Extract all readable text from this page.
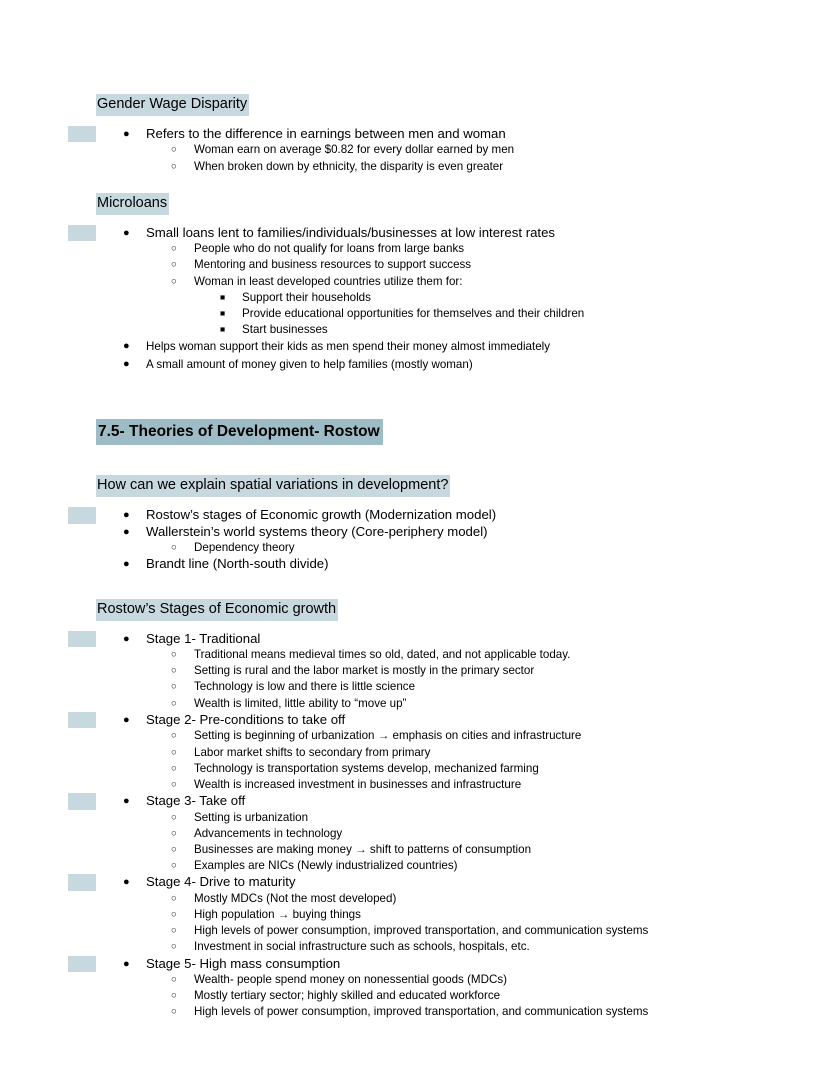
Gender Wage Disparity
● Refers to the difference in earnings between men and woman
○ Woman earn on average $0.82 for every dollar earned by men
○ When broken down by ethnicity, the disparity is even greater
Microloans
● Small loans lent to families/individuals/businesses at low interest rates
○ People who do not qualify for loans from large banks
○ Mentoring and business resources to support success
○ Woman in least developed countries utilize them for:
■ Support their households
■ Provide educational opportunities for themselves and their children
■ Start businesses
● Helps woman support their kids as men spend their money almost immediately
● A small amount of money given to help families (mostly woman)
7.5- Theories of Development- Rostow
How can we explain spatial variations in development?
● Rostow’s stages of Economic growth (Modernization model)
● Wallerstein’s world systems theory (Core-periphery model)
○ Dependency theory
● Brandt line (North-south divide)
Rostow’s Stages of Economic growth
● Stage 1- Traditional
○ Traditional means medieval times so old, dated, and not applicable today.
○ Setting is rural and the labor market is mostly in the primary sector
○ Technology is low and there is little science
○ Wealth is limited, little ability to “move up”
● Stage 2- Pre-conditions to take off
○ Setting is beginning of urbanization → emphasis on cities and infrastructure
○ Labor market shifts to secondary from primary
○ Technology is transportation systems develop, mechanized farming
○ Wealth is increased investment in businesses and infrastructure
● Stage 3- Take off
○ Setting is urbanization
○ Advancements in technology
○ Businesses are making money → shift to patterns of consumption
○ Examples are NICs (Newly industrialized countries)
● Stage 4- Drive to maturity
○ Mostly MDCs (Not the most developed)
○ High population → buying things
○ High levels of power consumption, improved transportation, and communication systems
○ Investment in social infrastructure such as schools, hospitals, etc.
● Stage 5- High mass consumption
○ Wealth- people spend money on nonessential goods (MDCs)
○ Mostly tertiary sector; highly skilled and educated workforce
○ High levels of power consumption, improved transportation, and communication systems
